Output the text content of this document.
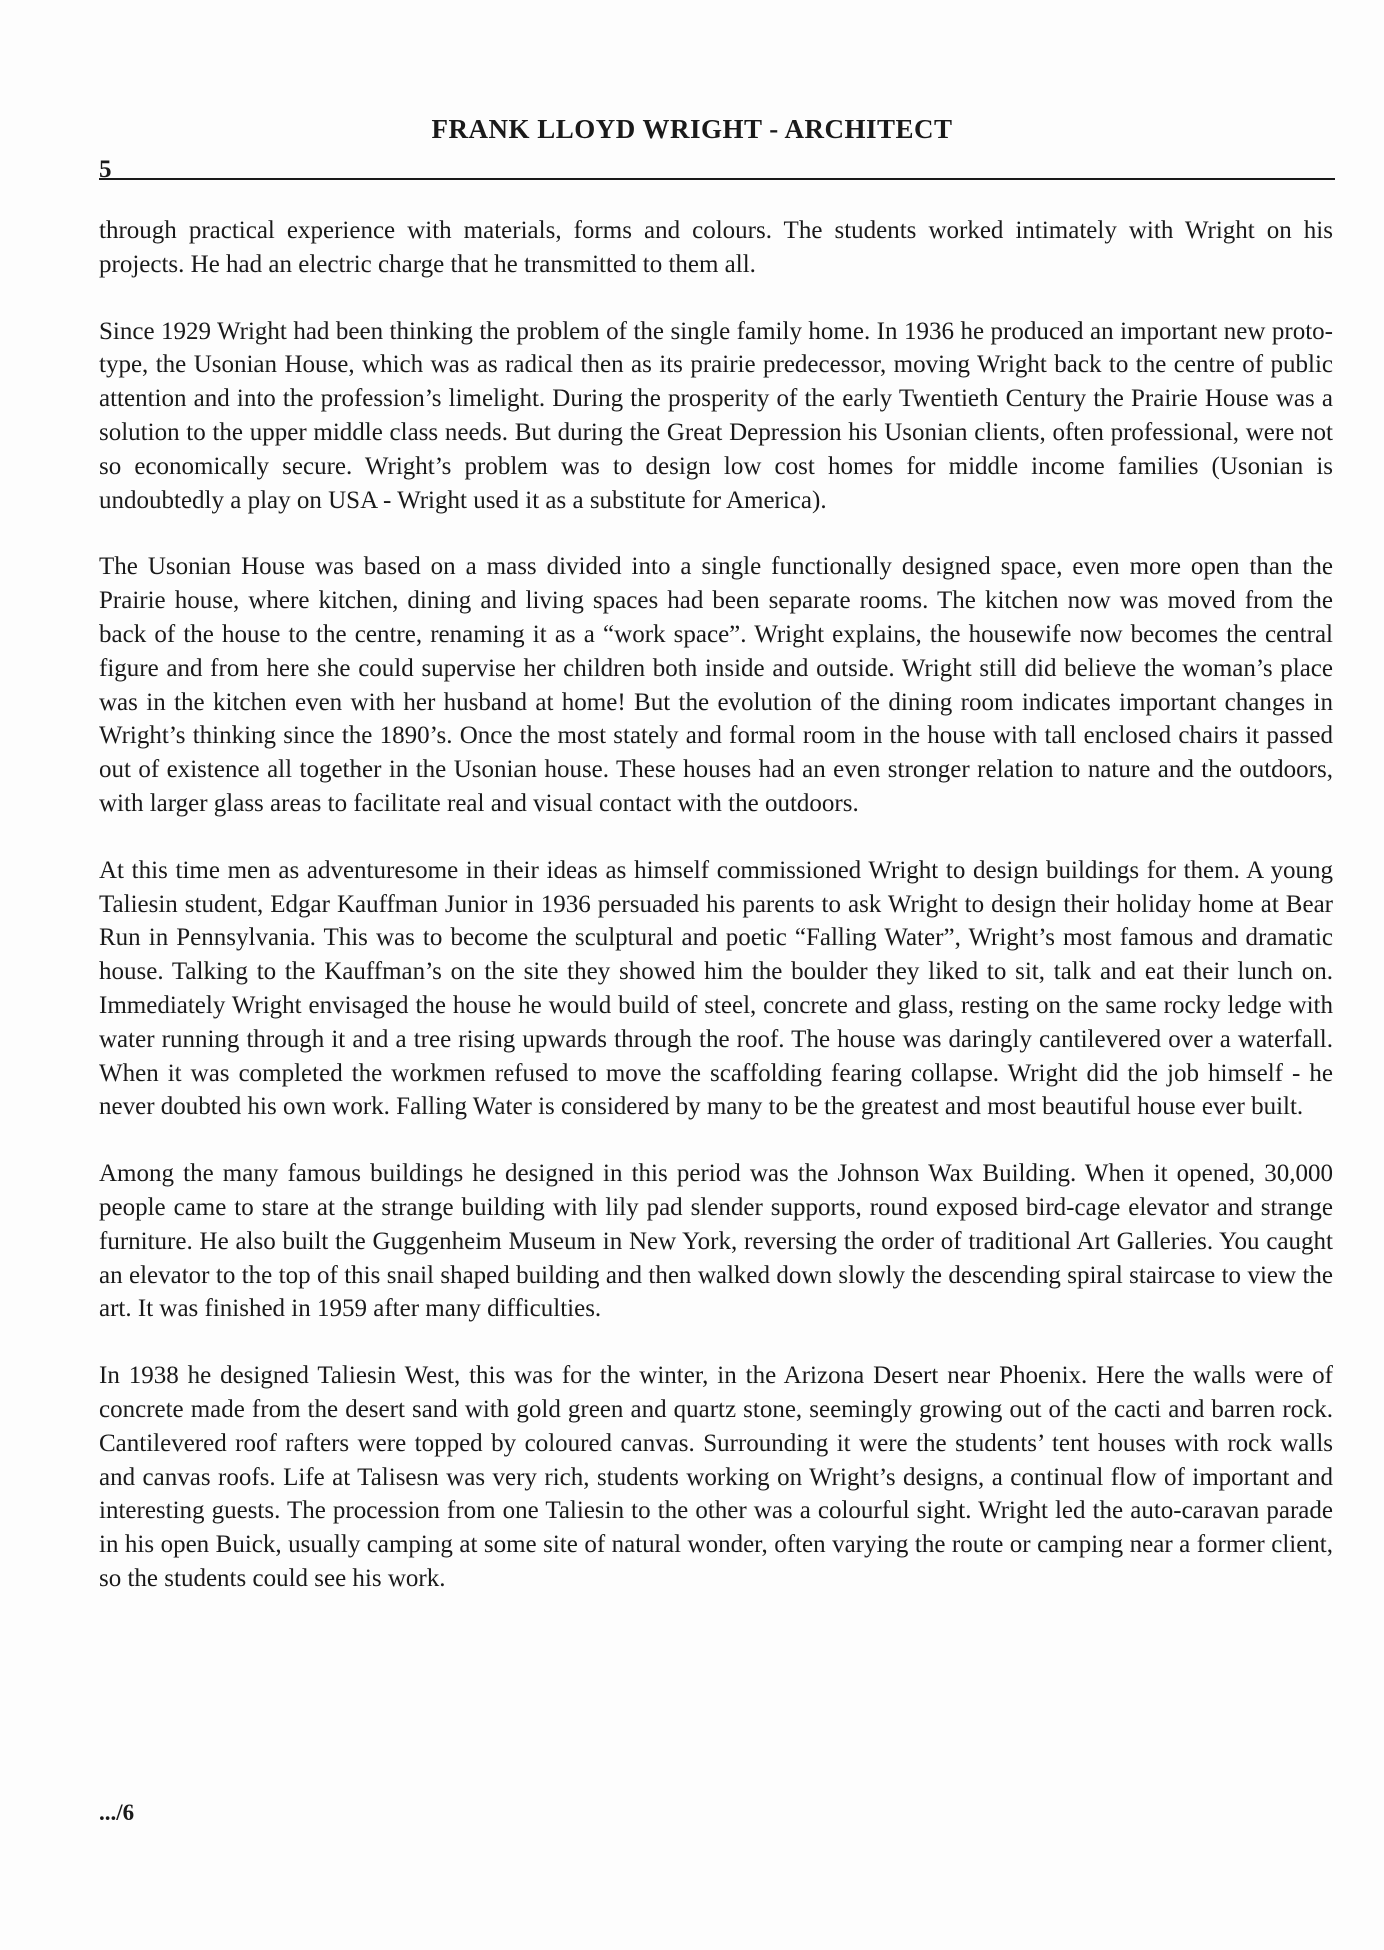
FRANK LLOYD WRIGHT - ARCHITECT
5

through practical experience with materials, forms and colours. The students worked intimately with Wright on his projects. He had an electric charge that he transmitted to them all.

Since 1929 Wright had been thinking the problem of the single family home. In 1936 he produced an important new proto-type, the Usonian House, which was as radical then as its prairie predecessor, moving Wright back to the centre of public attention and into the profession’s limelight. During the prosperity of the early Twentieth Century the Prairie House was a solution to the upper middle class needs. But during the Great Depression his Usonian clients, often professional, were not so economically secure. Wright’s problem was to design low cost homes for middle income families (Usonian is undoubtedly a play on USA - Wright used it as a substitute for America).

The Usonian House was based on a mass divided into a single functionally designed space, even more open than the Prairie house, where kitchen, dining and living spaces had been separate rooms. The kitchen now was moved from the back of the house to the centre, renaming it as a “work space”. Wright explains, the housewife now becomes the central figure and from here she could supervise her children both inside and outside. Wright still did believe the woman’s place was in the kitchen even with her husband at home! But the evolution of the dining room indicates important changes in Wright’s thinking since the 1890’s. Once the most stately and formal room in the house with tall enclosed chairs it passed out of existence all together in the Usonian house. These houses had an even stronger relation to nature and the outdoors, with larger glass areas to facilitate real and visual contact with the outdoors.

At this time men as adventuresome in their ideas as himself commissioned Wright to design buildings for them. A young Taliesin student, Edgar Kauffman Junior in 1936 persuaded his parents to ask Wright to design their holiday home at Bear Run in Pennsylvania. This was to become the sculptural and poetic “Falling Water”, Wright’s most famous and dramatic house. Talking to the Kauffman’s on the site they showed him the boulder they liked to sit, talk and eat their lunch on. Immediately Wright envisaged the house he would build of steel, concrete and glass, resting on the same rocky ledge with water running through it and a tree rising upwards through the roof. The house was daringly cantilevered over a waterfall. When it was completed the workmen refused to move the scaffolding fearing collapse. Wright did the job himself - he never doubted his own work. Falling Water is considered by many to be the greatest and most beautiful house ever built.

Among the many famous buildings he designed in this period was the Johnson Wax Building. When it opened, 30,000 people came to stare at the strange building with lily pad slender supports, round exposed bird-cage elevator and strange furniture. He also built the Guggenheim Museum in New York, reversing the order of traditional Art Galleries. You caught an elevator to the top of this snail shaped building and then walked down slowly the descending spiral staircase to view the art. It was finished in 1959 after many difficulties.

In 1938 he designed Taliesin West, this was for the winter, in the Arizona Desert near Phoenix. Here the walls were of concrete made from the desert sand with gold green and quartz stone, seemingly growing out of the cacti and barren rock. Cantilevered roof rafters were topped by coloured canvas. Surrounding it were the students’ tent houses with rock walls and canvas roofs. Life at Talisesn was very rich, students working on Wright’s designs, a continual flow of important and interesting guests. The procession from one Taliesin to the other was a colourful sight. Wright led the auto-caravan parade in his open Buick, usually camping at some site of natural wonder, often varying the route or camping near a former client, so the students could see his work.

.../6
